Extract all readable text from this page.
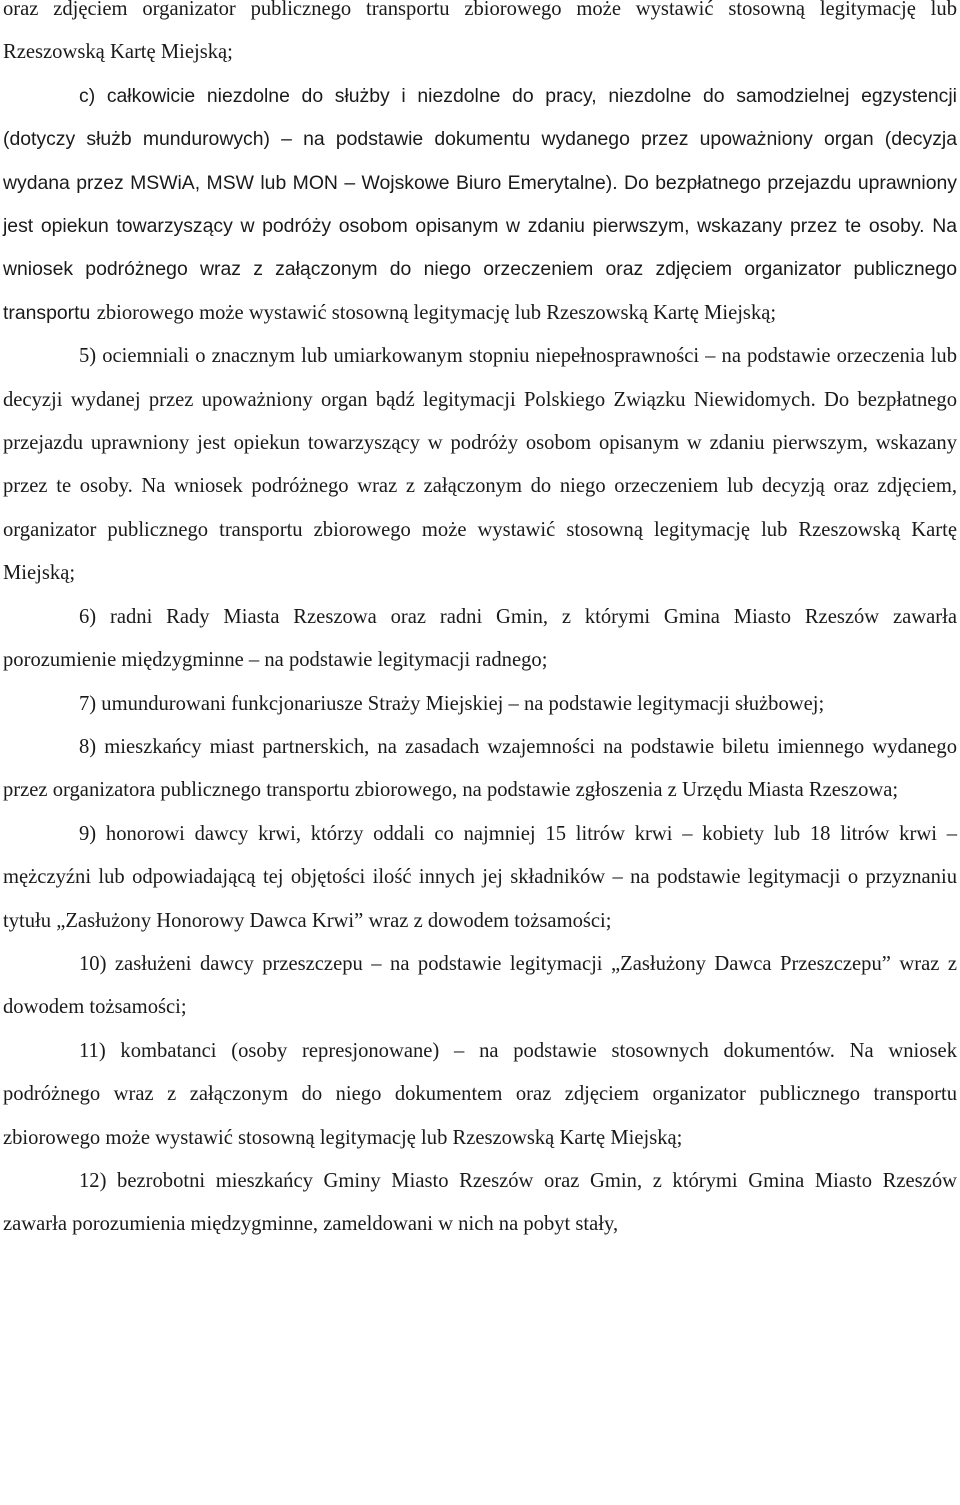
oraz zdjęciem organizator publicznego transportu zbiorowego może wystawić stosowną legitymację lub Rzeszowską Kartę Miejską;

c) całkowicie niezdolne do służby i niezdolne do pracy, niezdolne do samodzielnej egzystencji (dotyczy służb mundurowych) – na podstawie dokumentu wydanego przez upoważniony organ (decyzja wydana przez MSWiA, MSW lub MON – Wojskowe Biuro Emerytalne). Do bezpłatnego przejazdu uprawniony jest opiekun towarzyszący w podróży osobom opisanym w zdaniu pierwszym, wskazany przez te osoby. Na wniosek podróżnego wraz z załączonym do niego orzeczeniem oraz zdjęciem organizator publicznego transportu zbiorowego może wystawić stosowną legitymację lub Rzeszowską Kartę Miejską;

5) ociemniali o znacznym lub umiarkowanym stopniu niepełnosprawności – na podstawie orzeczenia lub decyzji wydanej przez upoważniony organ bądź legitymacji Polskiego Związku Niewidomych. Do bezpłatnego przejazdu uprawniony jest opiekun towarzyszący w podróży osobom opisanym w zdaniu pierwszym, wskazany przez te osoby. Na wniosek podróżnego wraz z załączonym do niego orzeczeniem lub decyzją oraz zdjęciem, organizator publicznego transportu zbiorowego może wystawić stosowną legitymację lub Rzeszowską Kartę Miejską;

6) radni Rady Miasta Rzeszowa oraz radni Gmin, z którymi Gmina Miasto Rzeszów zawarła porozumienie międzygminne – na podstawie legitymacji radnego;

7) umundurowani funkcjonariusze Straży Miejskiej – na podstawie legitymacji służbowej;

8) mieszkańcy miast partnerskich, na zasadach wzajemności na podstawie biletu imiennego wydanego przez organizatora publicznego transportu zbiorowego, na podstawie zgłoszenia z Urzędu Miasta Rzeszowa;

9) honorowi dawcy krwi, którzy oddali co najmniej 15 litrów krwi – kobiety lub 18 litrów krwi – mężczyźni lub odpowiadającą tej objętości ilość innych jej składników – na podstawie legitymacji o przyznaniu tytułu „Zasłużony Honorowy Dawca Krwi” wraz z dowodem tożsamości;

10) zasłużeni dawcy przeszczepu – na podstawie legitymacji „Zasłużony Dawca Przeszczepu” wraz z dowodem tożsamości;

11) kombatanci (osoby represjonowane) – na podstawie stosownych dokumentów. Na wniosek podróżnego wraz z załączonym do niego dokumentem oraz zdjęciem organizator publicznego transportu zbiorowego może wystawić stosowną legitymację lub Rzeszowską Kartę Miejską;

12) bezrobotni mieszkańcy Gminy Miasto Rzeszów oraz Gmin, z którymi Gmina Miasto Rzeszów zawarła porozumienia międzygminne, zameldowani w nich na pobyt stały,
